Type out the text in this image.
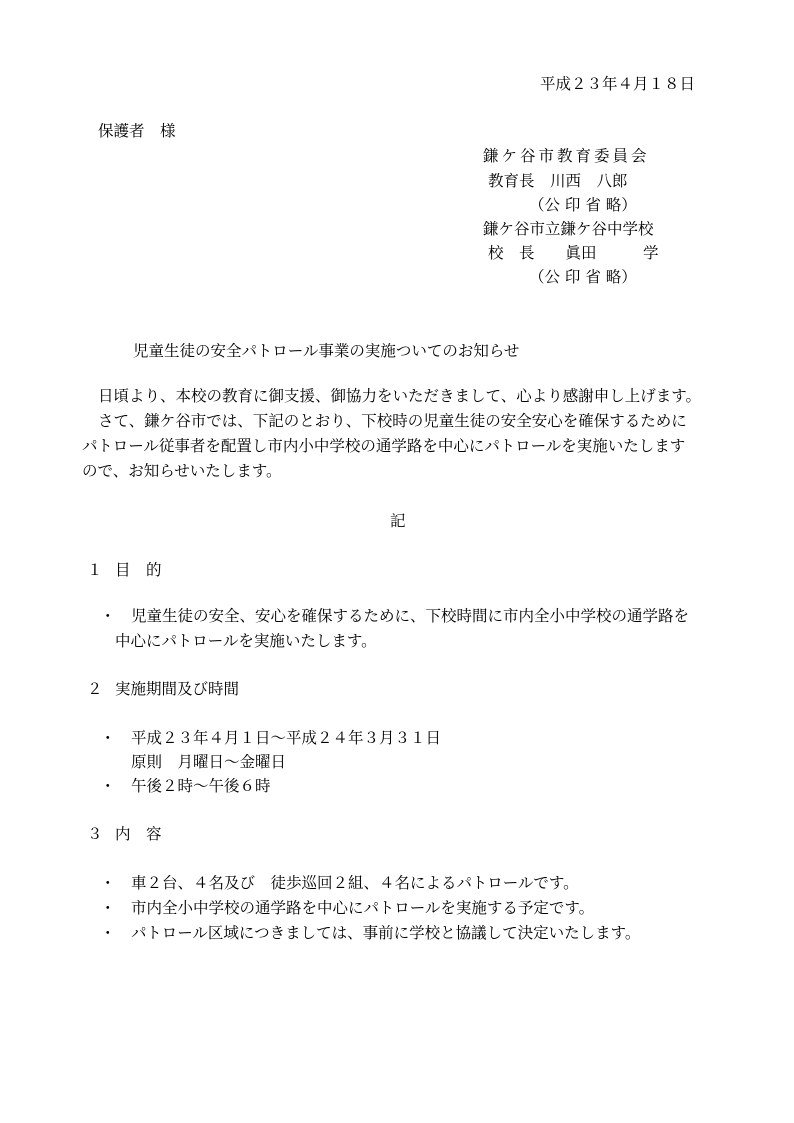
平成２３年４月１８日
保護者　様
鎌ケ谷市教育委員会
教育長　川西　八郎
（公 印 省 略）
鎌ケ谷市立鎌ケ谷中学校
校　長　　眞田　　　学
（公 印 省 略）
児童生徒の安全パトロール事業の実施ついてのお知らせ
日頃より、本校の教育に御支援、御協力をいただきまして、心より感謝申し上げます。
さて、鎌ケ谷市では、下記のとおり、下校時の児童生徒の安全安心を確保するために
パトロール従事者を配置し市内小中学校の通学路を中心にパトロールを実施いたします
ので、お知らせいたします。
記
１ 目　的
・ 児童生徒の安全、安心を確保するために、下校時間に市内全小中学校の通学路を
中心にパトロールを実施いたします。
２ 実施期間及び時間
・ 平成２３年４月１日～平成２４年３月３１日
原則　月曜日～金曜日
・ 午後２時～午後６時
３ 内　容
・ 車２台、４名及び　徒歩巡回２組、４名によるパトロールです。
・ 市内全小中学校の通学路を中心にパトロールを実施する予定です。
・ パトロール区域につきましては、事前に学校と協議して決定いたします。
